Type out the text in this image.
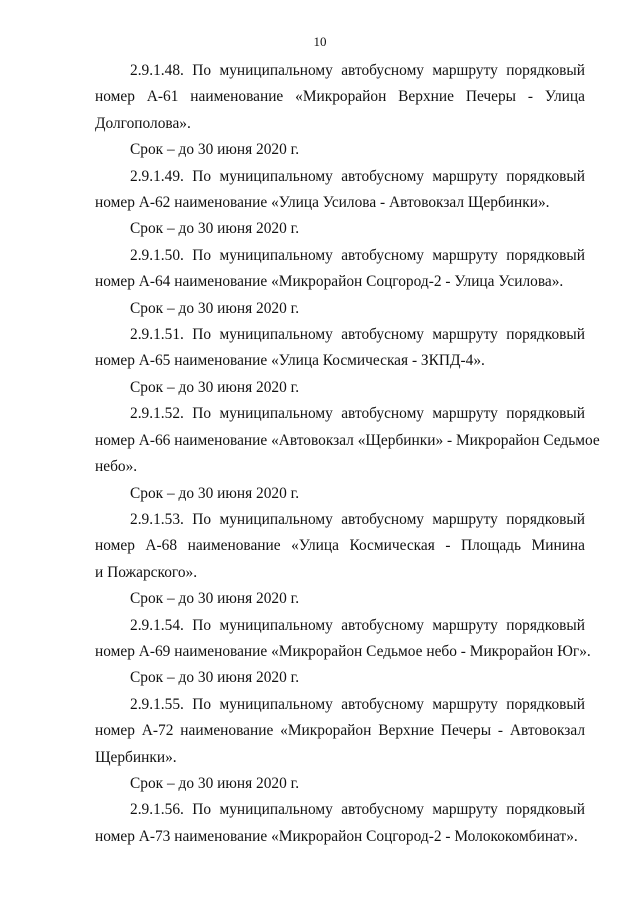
10
2.9.1.48. По муниципальному автобусному маршруту порядковый
номер А-61 наименование «Микрорайон Верхние Печеры - Улица
Долгополова».
Срок – до 30 июня 2020 г.
2.9.1.49. По муниципальному автобусному маршруту порядковый
номер А-62 наименование «Улица Усилова - Автовокзал Щербинки».
Срок – до 30 июня 2020 г.
2.9.1.50. По муниципальному автобусному маршруту порядковый
номер А-64 наименование «Микрорайон Соцгород-2 - Улица Усилова».
Срок – до 30 июня 2020 г.
2.9.1.51. По муниципальному автобусному маршруту порядковый
номер А-65 наименование «Улица Космическая - ЗКПД-4».
Срок – до 30 июня 2020 г.
2.9.1.52. По муниципальному автобусному маршруту порядковый
номер А-66 наименование «Автовокзал «Щербинки» - Микрорайон Седьмое
небо».
Срок – до 30 июня 2020 г.
2.9.1.53. По муниципальному автобусному маршруту порядковый
номер А-68 наименование «Улица Космическая - Площадь Минина
и Пожарского».
Срок – до 30 июня 2020 г.
2.9.1.54. По муниципальному автобусному маршруту порядковый
номер А-69 наименование «Микрорайон Седьмое небо - Микрорайон Юг».
Срок – до 30 июня 2020 г.
2.9.1.55. По муниципальному автобусному маршруту порядковый
номер А-72 наименование «Микрорайон Верхние Печеры - Автовокзал
Щербинки».
Срок – до 30 июня 2020 г.
2.9.1.56. По муниципальному автобусному маршруту порядковый
номер А-73 наименование «Микрорайон Соцгород-2 - Молококомбинат».
